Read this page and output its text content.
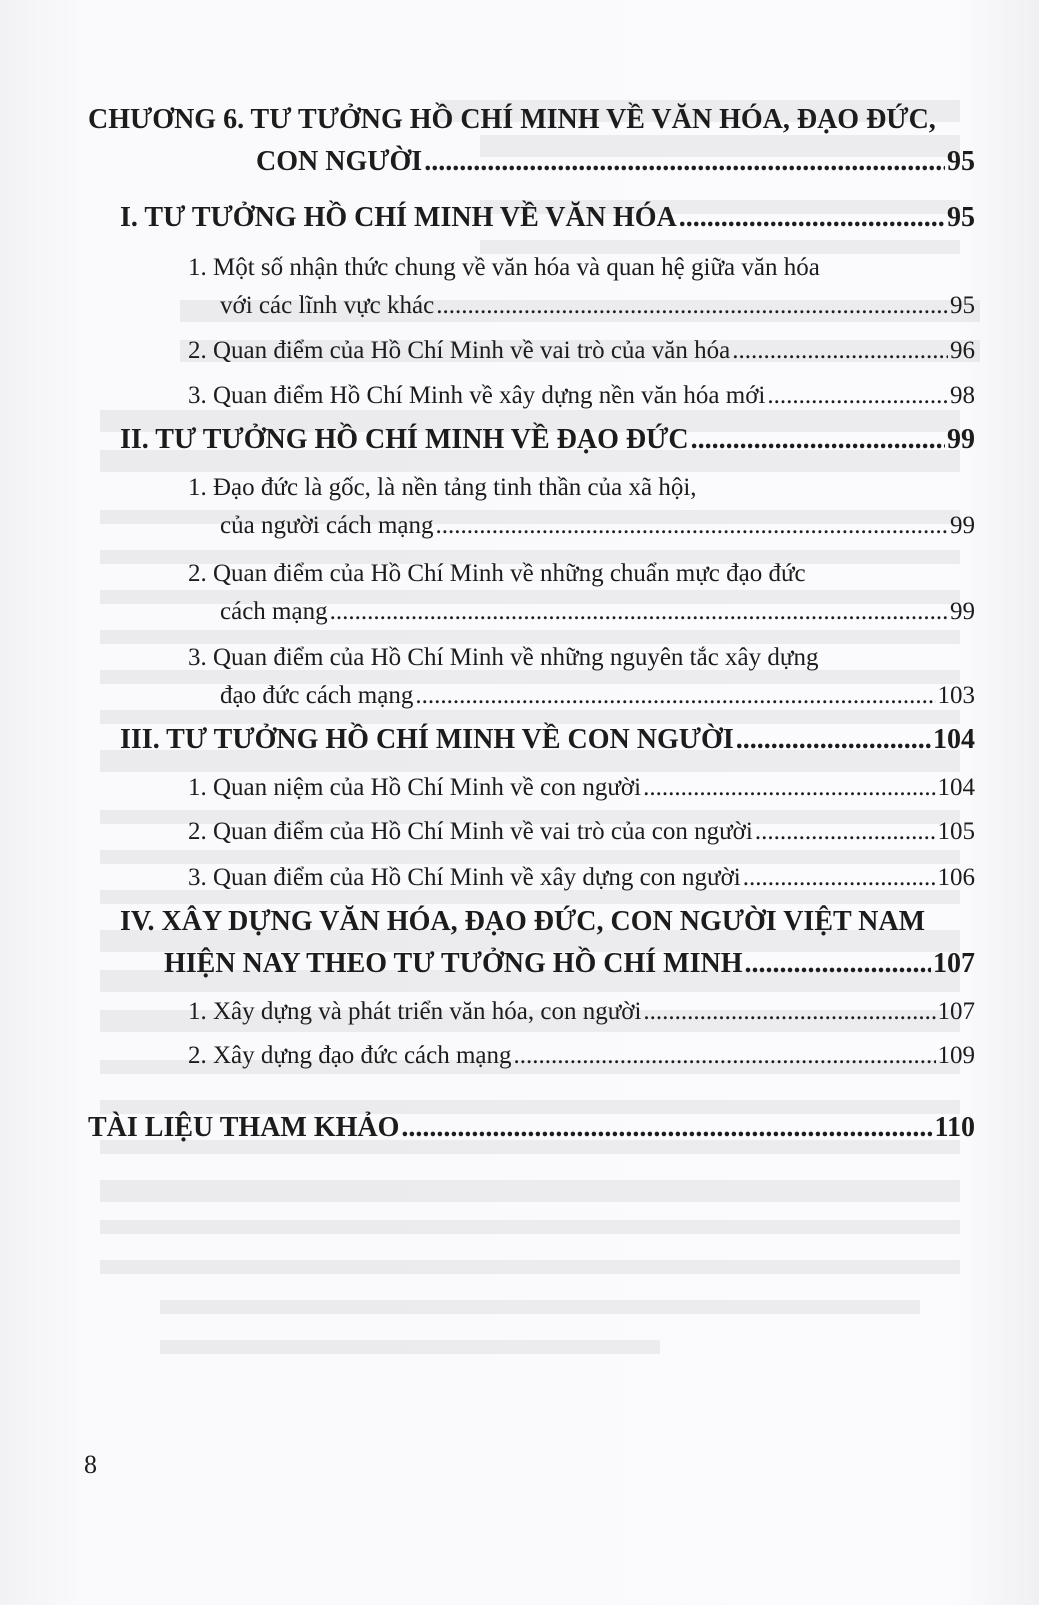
CHƯƠNG 6. TƯ TƯỞNG HỒ CHÍ MINH VỀ VĂN HÓA, ĐẠO ĐỨC,
CON NGƯỜI .....	95
I. TƯ TƯỞNG HỒ CHÍ MINH VỀ VĂN HÓA .....	95
1. Một số nhận thức chung về văn hóa và quan hệ giữa văn hóa
với các lĩnh vực khác .....	95
2. Quan điểm của Hồ Chí Minh về vai trò của văn hóa .....	96
3. Quan điểm Hồ Chí Minh về xây dựng nền văn hóa mới .....	98
II. TƯ TƯỞNG HỒ CHÍ MINH VỀ ĐẠO ĐỨC .....	99
1. Đạo đức là gốc, là nền tảng tinh thần của xã hội,
của người cách mạng .....	99
2. Quan điểm của Hồ Chí Minh về những chuẩn mực đạo đức
cách mạng .....	99
3. Quan điểm của Hồ Chí Minh về những nguyên tắc xây dựng
đạo đức cách mạng .....	103
III. TƯ TƯỞNG HỒ CHÍ MINH VỀ CON NGƯỜI .....	104
1. Quan niệm của Hồ Chí Minh về con người .....	104
2. Quan điểm của Hồ Chí Minh về vai trò của con người .....	105
3. Quan điểm của Hồ Chí Minh về xây dựng con người .....	106
IV. XÂY DỰNG VĂN HÓA, ĐẠO ĐỨC, CON NGƯỜI VIỆT NAM
HIỆN NAY THEO TƯ TƯỞNG HỒ CHÍ MINH .....	107
1. Xây dựng và phát triển văn hóa, con người .....	107
2. Xây dựng đạo đức cách mạng .....	109
TÀI LIỆU THAM KHẢO .....	110
8
